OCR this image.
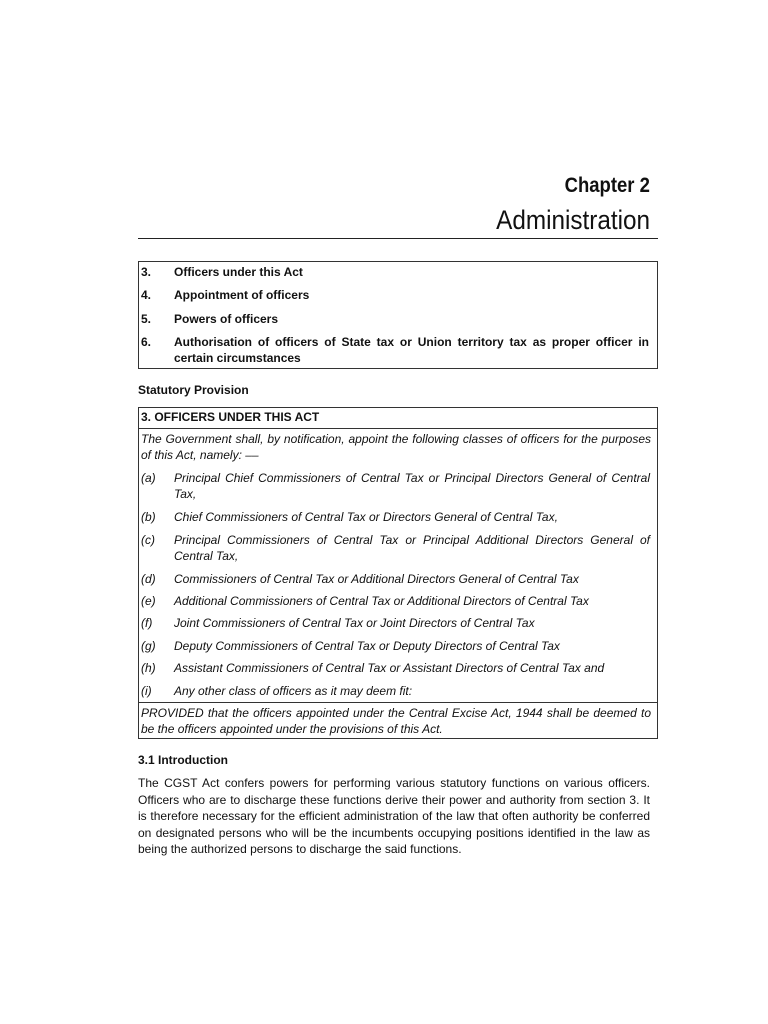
Chapter 2
Administration
3.	Officers under this Act
4.	Appointment of officers
5.	Powers of officers
6.	Authorisation of officers of State tax or Union territory tax as proper officer in certain circumstances
Statutory Provision
3. OFFICERS UNDER THIS ACT
The Government shall, by notification, appoint the following classes of officers for the purposes of this Act, namely: ––
(a) Principal Chief Commissioners of Central Tax or Principal Directors General of Central Tax,
(b) Chief Commissioners of Central Tax or Directors General of Central Tax,
(c) Principal Commissioners of Central Tax or Principal Additional Directors General of Central Tax,
(d) Commissioners of Central Tax or Additional Directors General of Central Tax
(e) Additional Commissioners of Central Tax or Additional Directors of Central Tax
(f) Joint Commissioners of Central Tax or Joint Directors of Central Tax
(g) Deputy Commissioners of Central Tax or Deputy Directors of Central Tax
(h) Assistant Commissioners of Central Tax or Assistant Directors of Central Tax and
(i) Any other class of officers as it may deem fit:
PROVIDED that the officers appointed under the Central Excise Act, 1944 shall be deemed to be the officers appointed under the provisions of this Act.
3.1 Introduction
The CGST Act confers powers for performing various statutory functions on various officers. Officers who are to discharge these functions derive their power and authority from section 3. It is therefore necessary for the efficient administration of the law that often authority be conferred on designated persons who will be the incumbents occupying positions identified in the law as being the authorized persons to discharge the said functions.
